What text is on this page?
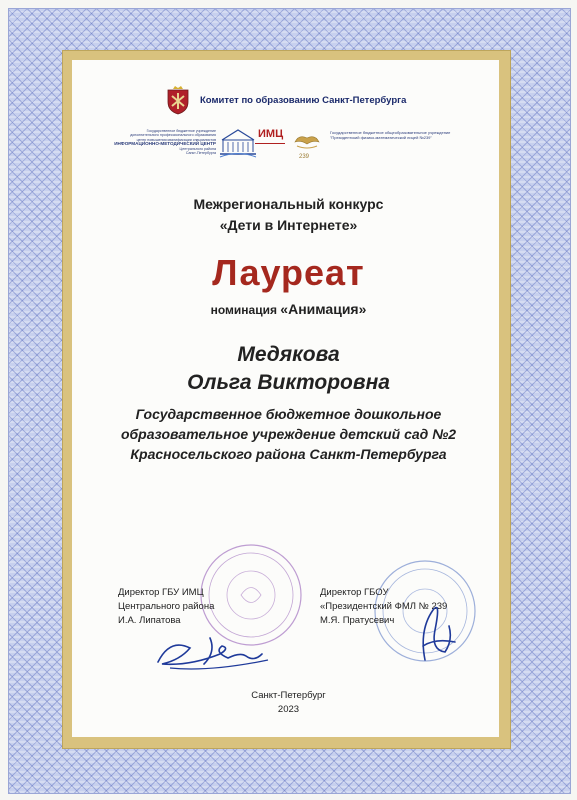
Комитет по образованию Санкт-Петербурга
Государственное бюджетное учреждение
дополнительного профессионального образования
центр повышения квалификации специалистов
ИНФОРМАЦИОННО-МЕТОДИЧЕСКИЙ ЦЕНТР
Центрального района
Санкт-Петербурга
ИМЦ
239
Государственное бюджетное общеобразовательное учреждение
"Президентский физико-математический лицей №239"
Межрегиональный конкурс
«Дети в Интернете»
Лауреат
номинация «Анимация»
Медякова
Ольга Викторовна
Государственное бюджетное дошкольное
образовательное учреждение детский сад №2
Красносельского района Санкт-Петербурга
Директор ГБУ ИМЦ
Центрального района
И.А. Липатова
Директор ГБОУ
«Президентский ФМЛ № 239
М.Я. Пратусевич
Санкт-Петербург
2023
